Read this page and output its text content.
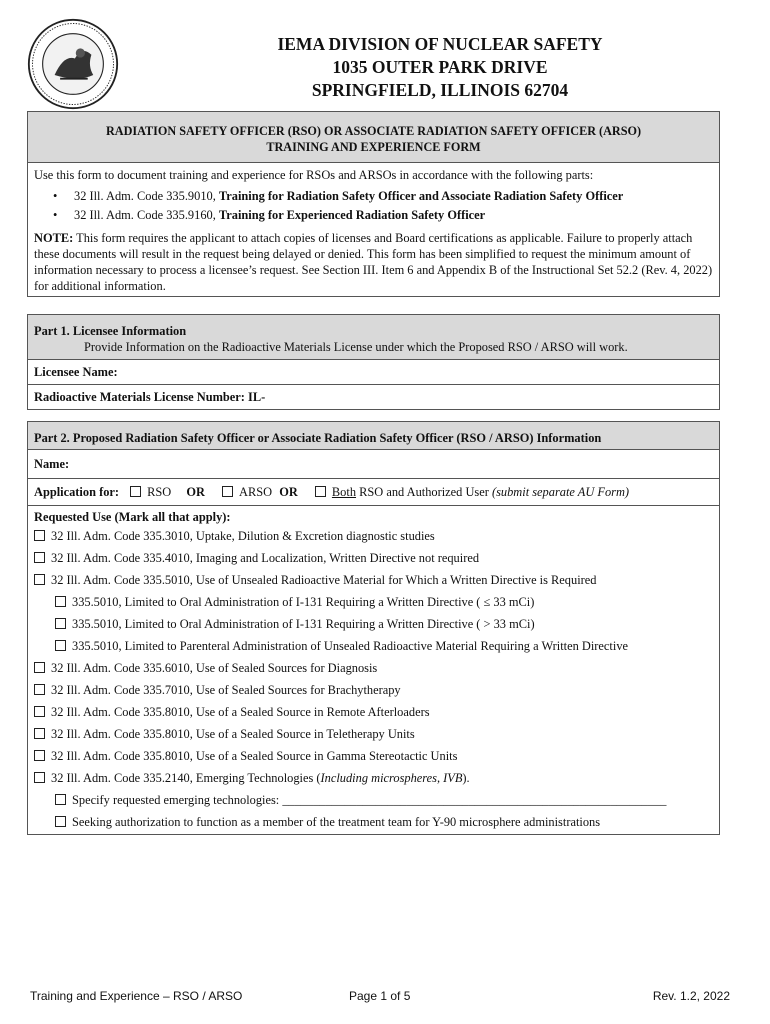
IEMA DIVISION OF NUCLEAR SAFETY
1035 OUTER PARK DRIVE
SPRINGFIELD, ILLINOIS 62704
RADIATION SAFETY OFFICER (RSO) OR ASSOCIATE RADIATION SAFETY OFFICER (ARSO)
TRAINING AND EXPERIENCE FORM
Use this form to document training and experience for RSOs and ARSOs in accordance with the following parts:
• 32 Ill. Adm. Code 335.9010, Training for Radiation Safety Officer and Associate Radiation Safety Officer
• 32 Ill. Adm. Code 335.9160, Training for Experienced Radiation Safety Officer
NOTE: This form requires the applicant to attach copies of licenses and Board certifications as applicable. Failure to properly attach these documents will result in the request being delayed or denied. This form has been simplified to request the minimum amount of information necessary to process a licensee’s request. See Section III. Item 6 and Appendix B of the Instructional Set 52.2 (Rev. 4, 2022) for additional information.
Part 1. Licensee Information
Provide Information on the Radioactive Materials License under which the Proposed RSO / ARSO will work.
Licensee Name:
Radioactive Materials License Number: IL-
Part 2. Proposed Radiation Safety Officer or Associate Radiation Safety Officer (RSO / ARSO) Information
Name:
Application for: RSO OR	ARSO OR	Both RSO and Authorized User (submit separate AU Form)
Requested Use (Mark all that apply):
32 Ill. Adm. Code 335.3010, Uptake, Dilution & Excretion diagnostic studies
32 Ill. Adm. Code 335.4010, Imaging and Localization, Written Directive not required
32 Ill. Adm. Code 335.5010, Use of Unsealed Radioactive Material for Which a Written Directive is Required
335.5010, Limited to Oral Administration of I-131 Requiring a Written Directive ( ≤ 33 mCi)
335.5010, Limited to Oral Administration of I-131 Requiring a Written Directive ( > 33 mCi)
335.5010, Limited to Parenteral Administration of Unsealed Radioactive Material Requiring a Written Directive
32 Ill. Adm. Code 335.6010, Use of Sealed Sources for Diagnosis
32 Ill. Adm. Code 335.7010, Use of Sealed Sources for Brachytherapy
32 Ill. Adm. Code 335.8010, Use of a Sealed Source in Remote Afterloaders
32 Ill. Adm. Code 335.8010, Use of a Sealed Source in Teletherapy Units
32 Ill. Adm. Code 335.8010, Use of a Sealed Source in Gamma Stereotactic Units
32 Ill. Adm. Code 335.2140, Emerging Technologies (Including microspheres, IVB).
Specify requested emerging technologies: ______________________________________________________________
Seeking authorization to function as a member of the treatment team for Y-90 microsphere administrations
Training and Experience – RSO / ARSO	Page 1 of 5	Rev. 1.2, 2022
